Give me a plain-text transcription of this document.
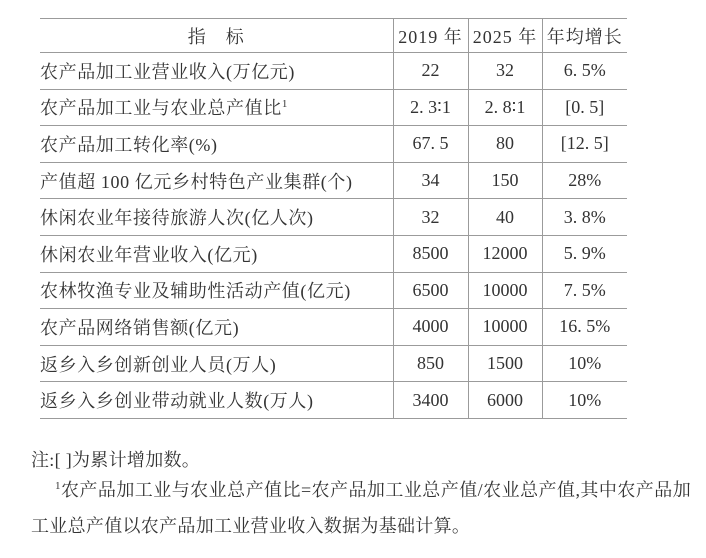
指　标	2019 年	2025 年	年均增长
农产品加工业营业收入(万亿元)	22	32	6. 5%
农产品加工业与农业总产值比$^1$	2. 3∶1	2. 8∶1	[0. 5]
农产品加工转化率(%)	67. 5	80	[12. 5]
产值超 100 亿元乡村特色产业集群(个)	34	150	28%
休闲农业年接待旅游人次(亿人次)	32	40	3. 8%
休闲农业年营业收入(亿元)	8500	12000	5. 9%
农林牧渔专业及辅助性活动产值(亿元)	6500	10000	7. 5%
农产品网络销售额(亿元)	4000	10000	16. 5%
返乡入乡创新创业人员(万人)	850	1500	10%
返乡入乡创业带动就业人数(万人)	3400	6000	10%
注:[ ]为累计增加数。

$^1$农产品加工业与农业总产值比=农产品加工业总产值/农业总产值,其中农产品加工业总产值以农产品加工业营业收入数据为基础计算。
